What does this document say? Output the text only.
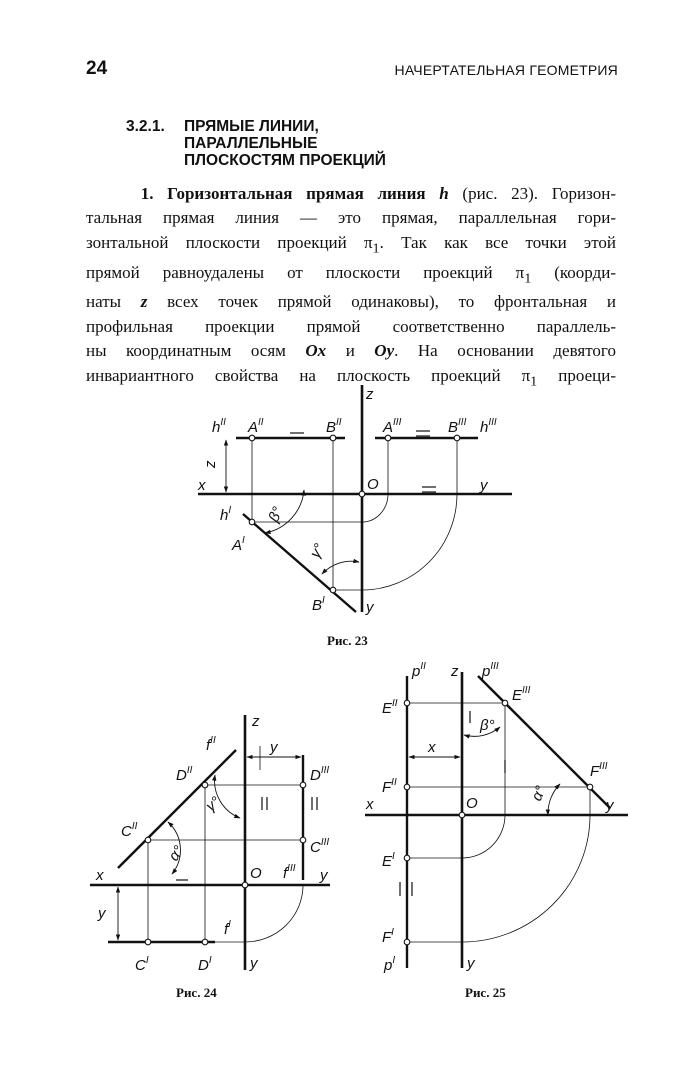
24	НАЧЕРТАТЕЛЬНАЯ ГЕОМЕТРИЯ
3.2.1. ПРЯМЫЕ ЛИНИИ,
ПАРАЛЛЕЛЬНЫЕ
ПЛОСКОСТЯМ ПРОЕКЦИЙ
1. Горизонтальная прямая линия h (рис. 23). Горизон-
тальная прямая линия — это прямая, параллельная гори-
зонтальной плоскости проекций $\pi_1$. Так как все точки этой
прямой равноудалены от плоскости проекций $\pi_1$ (коорди-
наты z всех точек прямой одинаковы), то фронтальная и
профильная проекции прямой соответственно параллель-
ны координатным осям Ox и Oy. На основании девятого
инвариантного свойства на плоскость проекций $\pi_1$ проеци-
z
x	y
y
O
$h^{II}$ $A^{II}$	$B^{II}$	$A^{III}$	$B^{III}$ $h^{III}$
$h^I$
$A^I$
$B^I$
z
β°
γ°
Рис. 23
z
x	y
y
O
y
y
$f^{II}$
$D^{II}$
$C^{II}$
$D^{III}$
$C^{III}$
$f^{III}$
$f^I$
$C^I$	$D^I$
γ°
α°
Рис. 24
z
x	y
y
O
x
$p^{II}$	$p^{III}$
$E^{II}$	$E^{III}$
$F^{II}$
$F^{III}$
$E^I$
$F^I$
$p^I$
β°
α°
Рис. 25
